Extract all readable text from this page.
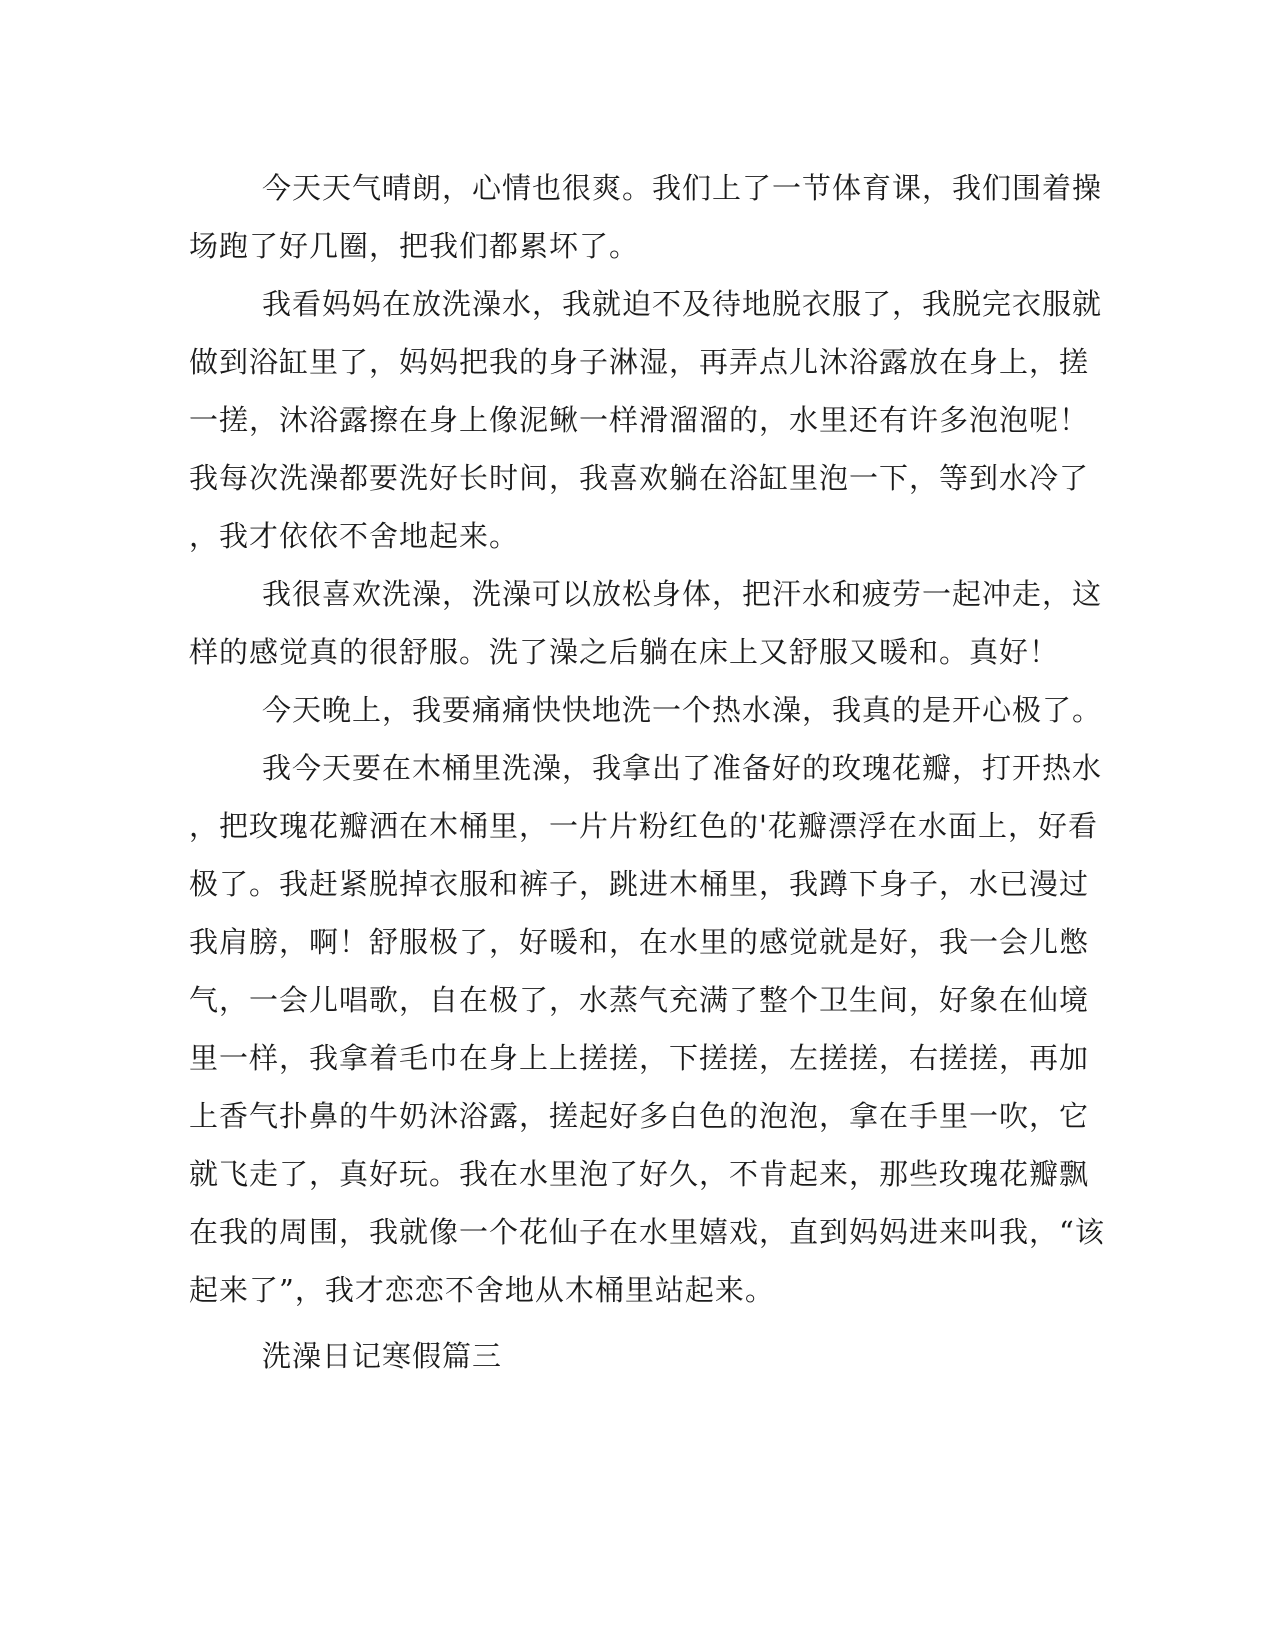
今天天气晴朗，心情也很爽。我们上了一节体育课，我们围着操
场跑了好几圈，把我们都累坏了。
我看妈妈在放洗澡水，我就迫不及待地脱衣服了，我脱完衣服就
做到浴缸里了，妈妈把我的身子淋湿，再弄点儿沐浴露放在身上，搓
一搓，沐浴露擦在身上像泥鳅一样滑溜溜的，水里还有许多泡泡呢！
我每次洗澡都要洗好长时间，我喜欢躺在浴缸里泡一下，等到水冷了
，我才依依不舍地起来。
我很喜欢洗澡，洗澡可以放松身体，把汗水和疲劳一起冲走，这
样的感觉真的很舒服。洗了澡之后躺在床上又舒服又暖和。真好！
今天晚上，我要痛痛快快地洗一个热水澡，我真的是开心极了。
我今天要在木桶里洗澡，我拿出了准备好的玫瑰花瓣，打开热水
，把玫瑰花瓣洒在木桶里，一片片粉红色的'花瓣漂浮在水面上，好看
极了。我赶紧脱掉衣服和裤子，跳进木桶里，我蹲下身子，水已漫过
我肩膀，啊！舒服极了，好暖和，在水里的感觉就是好，我一会儿憋
气，一会儿唱歌，自在极了，水蒸气充满了整个卫生间，好象在仙境
里一样，我拿着毛巾在身上上搓搓，下搓搓，左搓搓，右搓搓，再加
上香气扑鼻的牛奶沐浴露，搓起好多白色的泡泡，拿在手里一吹，它
就飞走了，真好玩。我在水里泡了好久，不肯起来，那些玫瑰花瓣飘
在我的周围，我就像一个花仙子在水里嬉戏，直到妈妈进来叫我，“该
起来了”，我才恋恋不舍地从木桶里站起来。
洗澡日记寒假篇三
